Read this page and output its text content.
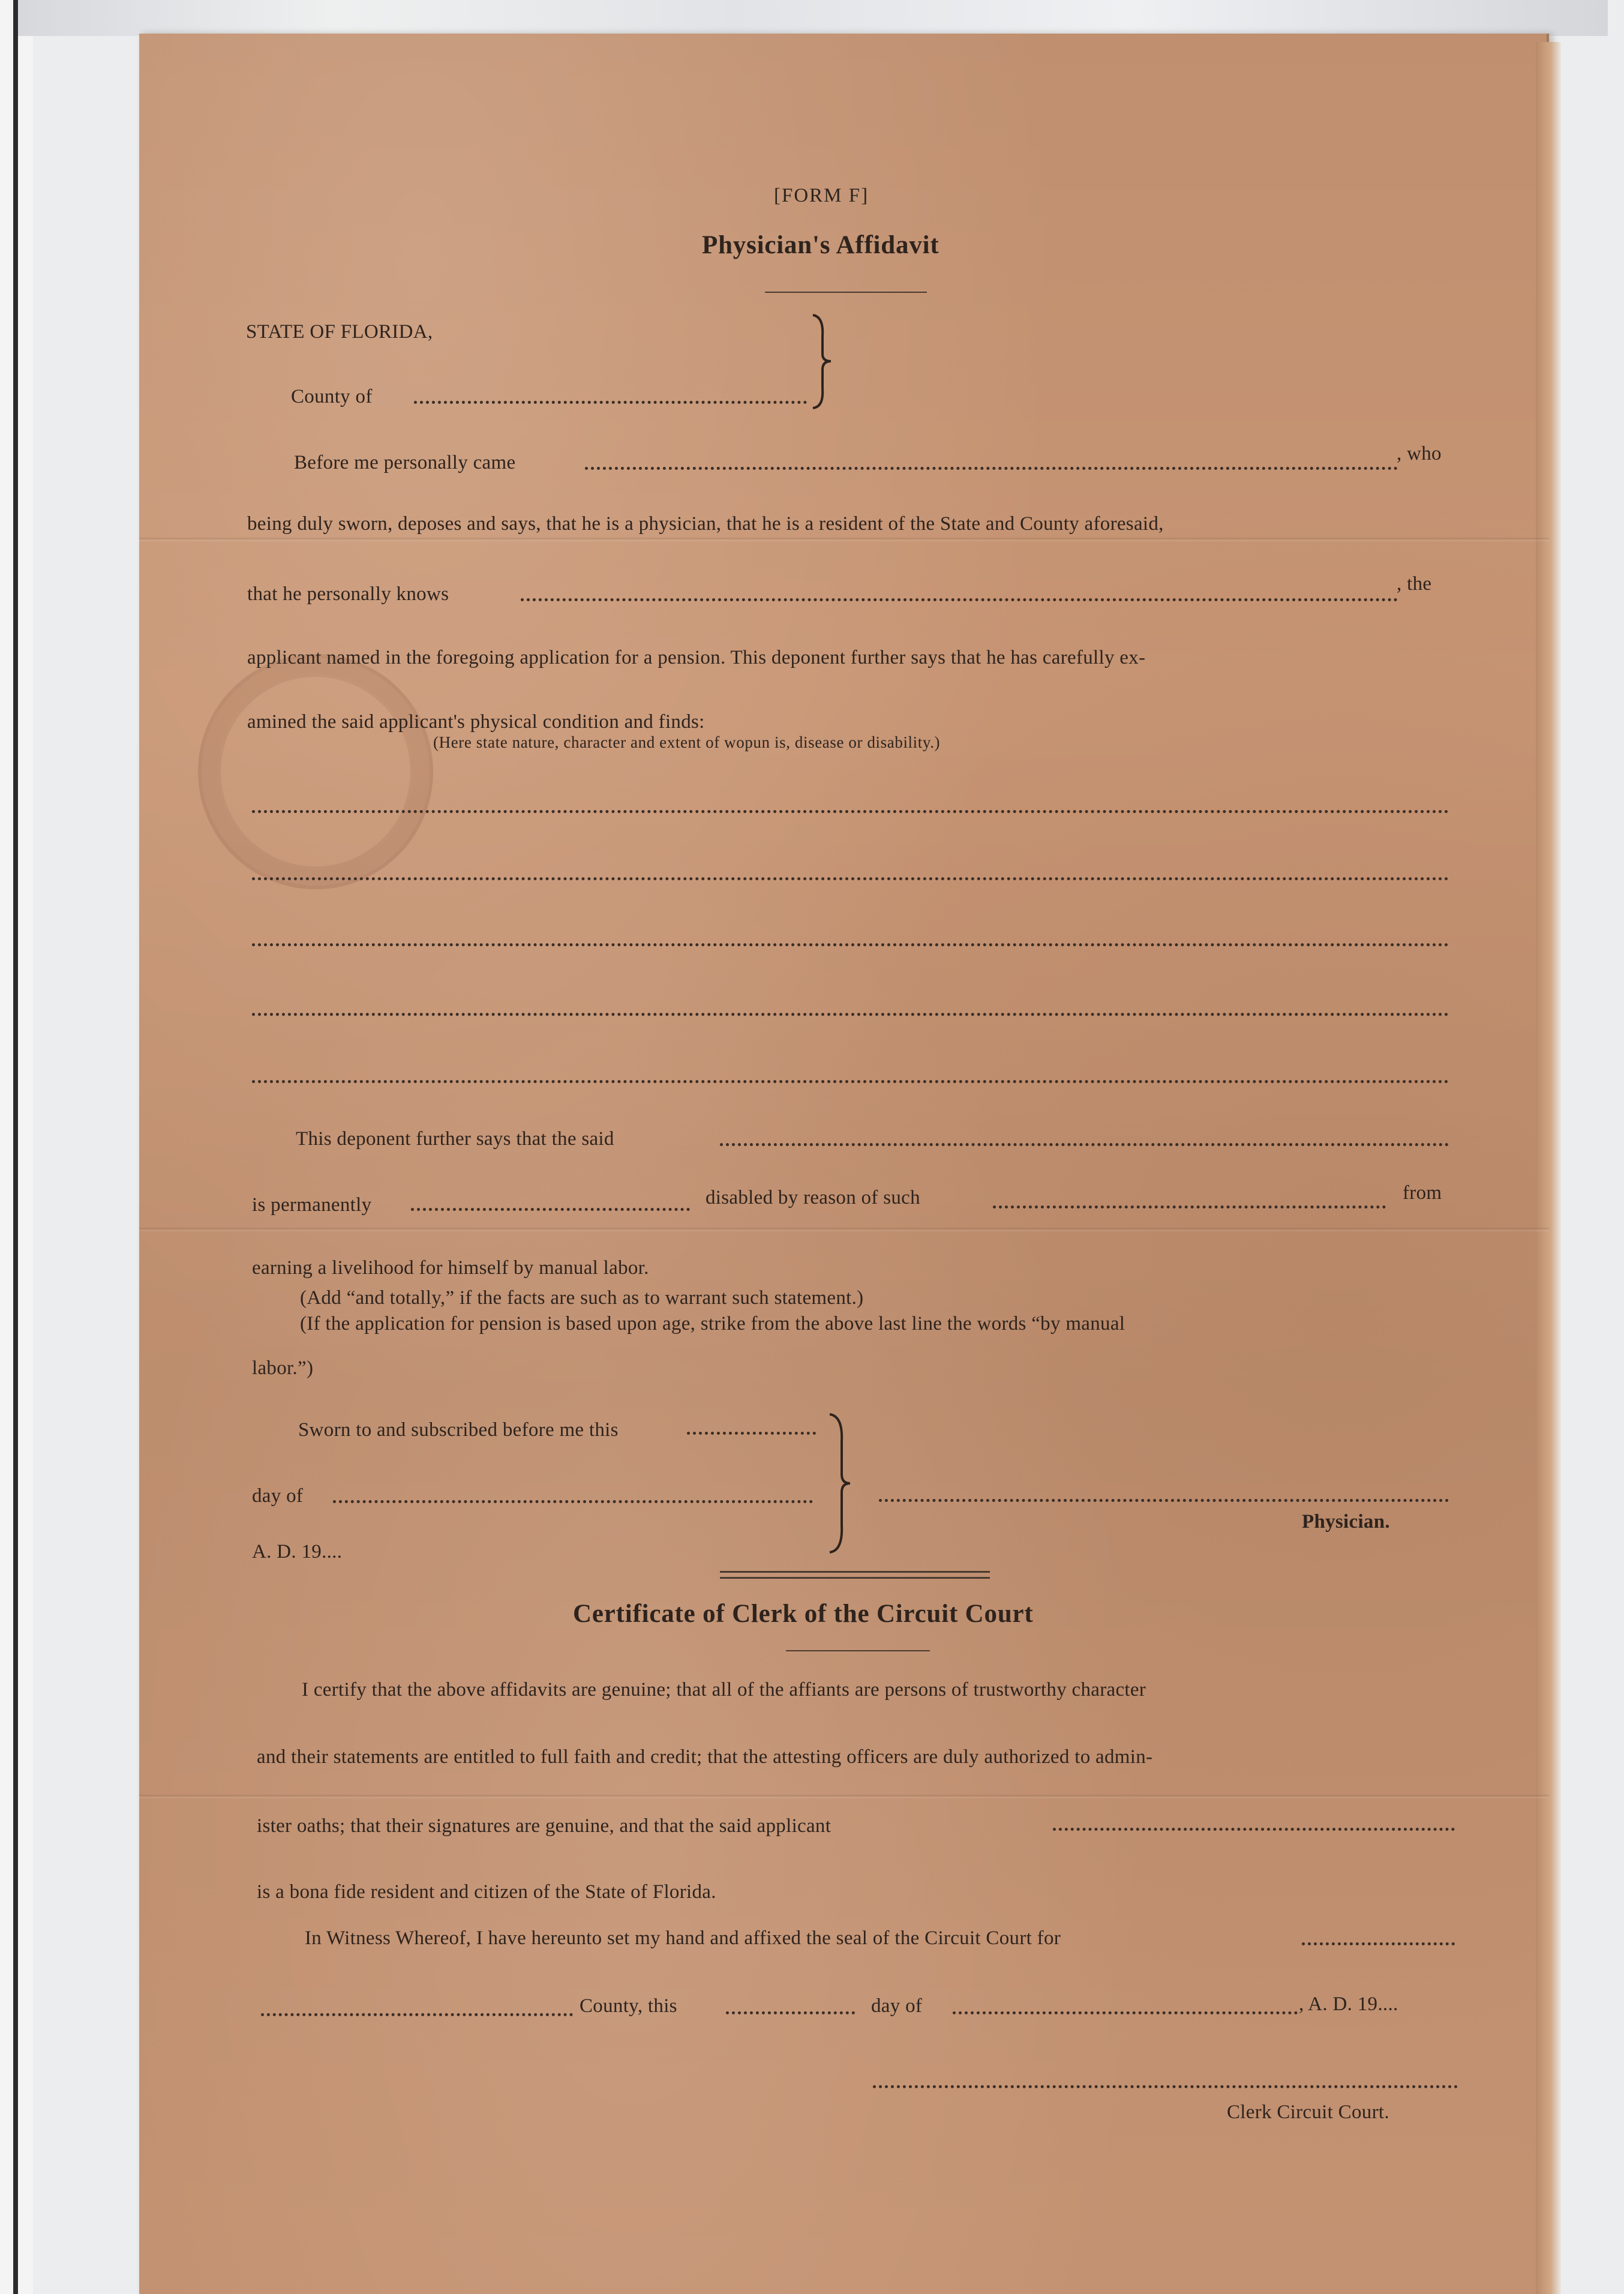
[FORM F]
Physician's Affidavit
STATE OF FLORIDA,
County of
Before me personally came	, who
being duly sworn, deposes and says, that he is a physician, that he is a resident of the State and County aforesaid,
that he personally knows	, the
applicant named in the foregoing application for a pension. This deponent further says that he has carefully ex-
amined the said applicant's physical condition and finds:
(Here state nature, character and extent of wopun is, disease or disability.)
This deponent further says that the said
is permanently	disabled by reason of such	from
earning a livelihood for himself by manual labor.
(Add “and totally,” if the facts are such as to warrant such statement.)
(If the application for pension is based upon age, strike from the above last line the words “by manual
labor.”)
Sworn to and subscribed before me this
day of
A. D. 19....
Physician.
Certificate of Clerk of the Circuit Court
I certify that the above affidavits are genuine; that all of the affiants are persons of trustworthy character
and their statements are entitled to full faith and credit; that the attesting officers are duly authorized to admin-
ister oaths; that their signatures are genuine, and that the said applicant
is a bona fide resident and citizen of the State of Florida.
In Witness Whereof, I have hereunto set my hand and affixed the seal of the Circuit Court for
County, this	day of	, A. D. 19....
Clerk Circuit Court.
